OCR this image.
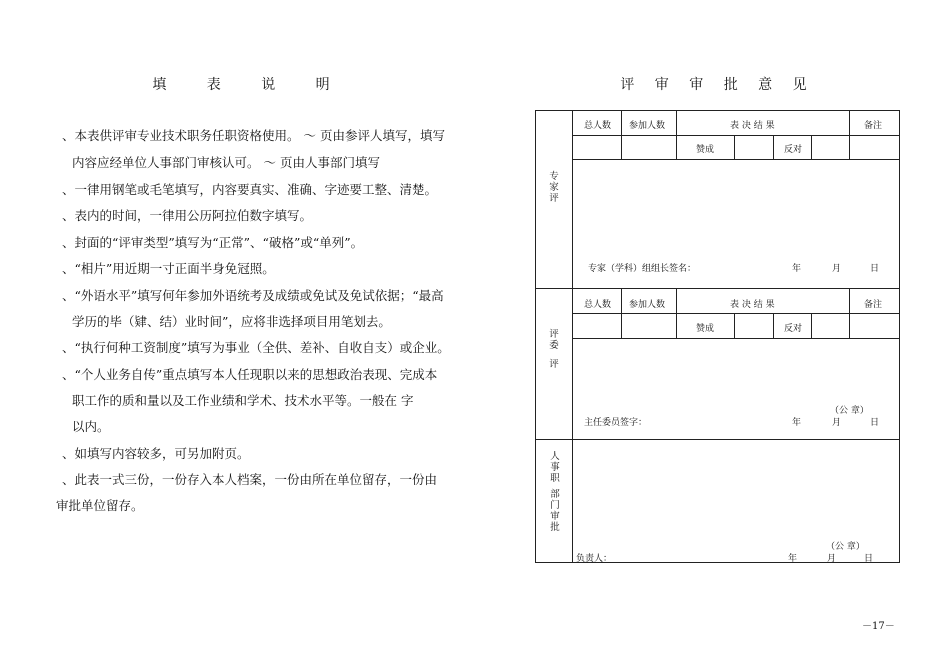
填 表 说 明
、本表供评审专业技术职务任职资格使用。 ～ 页由参评人填写，填写
内容应经单位人事部门审核认可。 ～ 页由人事部门填写
、一律用钢笔或毛笔填写，内容要真实、准确、字迹要工整、清楚。
、表内的时间，一律用公历阿拉伯数字填写。
、封面的“评审类型”填写为“正常”、“破格”或“单列”。
、“相片”用近期一寸正面半身免冠照。
、“外语水平”填写何年参加外语统考及成绩或免试及免试依据；“最高
学历的毕（肄、结）业时间”，应将非选择项目用笔划去。
、“执行何种工资制度”填写为事业（全供、差补、自收自支）或企业。
、“个人业务自传”重点填写本人任现职以来的思想政治表现、完成本
职工作的质和量以及工作业绩和学术、技术水平等。一般在 字
以内。
、如填写内容较多，可另加附页。
、此表一式三份，一份存入本人档案，一份由所在单位留存，一份由
审批单位留存。
评 审 审 批 意 见
总人数 参加人数	表 决 结 果	备注
赞成	反对
专家评
专家（学科）组组长签名：	年	月	日
总人数 参加人数	表 决 结 果	备注
赞成	反对
评委
评
（公 章）
主任委员签字：	年	月	日
人事职
部门审批
（公 章）
负责人：	年	月	日
－17－
